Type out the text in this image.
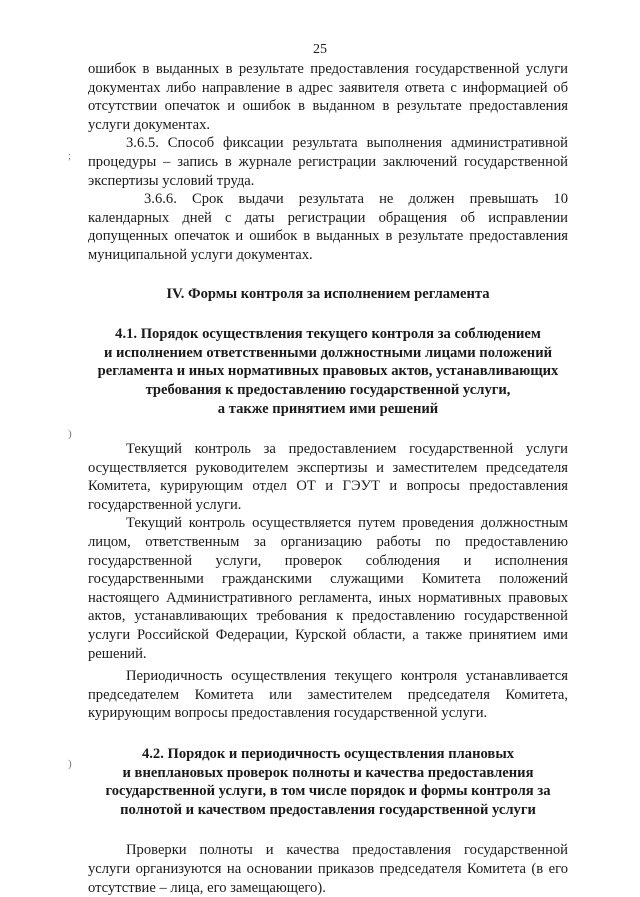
25
;
)
)
ошибок в выданных в результате предоставления государственной услуги
документах либо направление в адрес заявителя ответа с информацией об
отсутствии опечаток и ошибок в выданном в результате предоставления
услуги документах.
3.6.5. Способ фиксации результата выполнения административной
процедуры – запись в журнале регистрации заключений государственной
экспертизы условий труда.
3.6.6. Срок выдачи результата не должен превышать 10
календарных дней с даты регистрации обращения об исправлении
допущенных опечаток и ошибок в выданных в результате предоставления
муниципальной услуги документах.
IV. Формы контроля за исполнением регламента
4.1. Порядок осуществления текущего контроля за соблюдением
и исполнением ответственными должностными лицами положений
регламента и иных нормативных правовых актов, устанавливающих
требования к предоставлению государственной услуги,
а также принятием ими решений
Текущий контроль за предоставлением государственной услуги
осуществляется руководителем экспертизы и заместителем председателя
Комитета, курирующим отдел ОТ и ГЭУТ и вопросы предоставления
государственной услуги.
Текущий контроль осуществляется путем проведения должностным
лицом, ответственным за организацию работы по предоставлению
государственной услуги, проверок соблюдения и исполнения
государственными гражданскими служащими Комитета положений
настоящего Административного регламента, иных нормативных правовых
актов, устанавливающих требования к предоставлению государственной
услуги Российской Федерации, Курской области, а также принятием ими
решений.
Периодичность осуществления текущего контроля устанавливается
председателем Комитета или заместителем председателя Комитета,
курирующим вопросы предоставления государственной услуги.
4.2. Порядок и периодичность осуществления плановых
и внеплановых проверок полноты и качества предоставления
государственной услуги, в том числе порядок и формы контроля за
полнотой и качеством предоставления государственной услуги
Проверки полноты и качества предоставления государственной
услуги организуются на основании приказов председателя Комитета (в его
отсутствие – лица, его замещающего).
